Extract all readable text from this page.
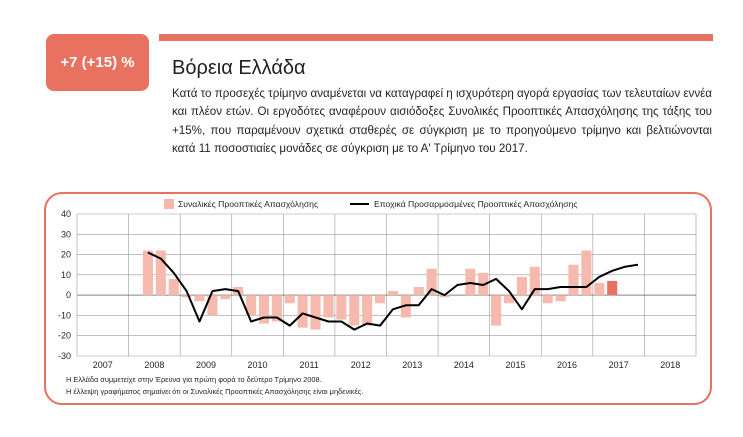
+7 (+15) %	Βόρεια Ελλάδα
Κατά το προσεχές τρίμηνο αναμένεται να καταγραφεί η ισχυρότερη αγορά εργασίας των τελευταίων εννέα και πλέον ετών. Οι εργοδότες αναφέρουν αισιόδοξες Συνολικές Προοπτικές Απασχόλησης της τάξης του +15%, που παραμένουν σχετικά σταθερές σε σύγκριση με το προηγούμενο τρίμηνο και βελτιώνονται κατά 11 ποσοστιαίες μονάδες σε σύγκριση με το Α' Τρίμηνο του 2017.
40
30
20
10
0
-10
-20
-30
2007	2008	2009	2010	2011	2012	2013	2014	2015	2016	2017	2018
Συναλικές Προοπτικές Απασχόλησης	Εποχικά Προσαρμοσμένες Προοπτικές Απασχόλησης
Η Ελλάδα συμμετείχε στην Έρευνα για πρώτη φορά το δεύτερο Τρίμηνο 2008.
Η έλλειψη γραφήματος σημαίνει ότι οι Συναλικές Προοπτικές Απασχόλησης είναι μηδενικές.
